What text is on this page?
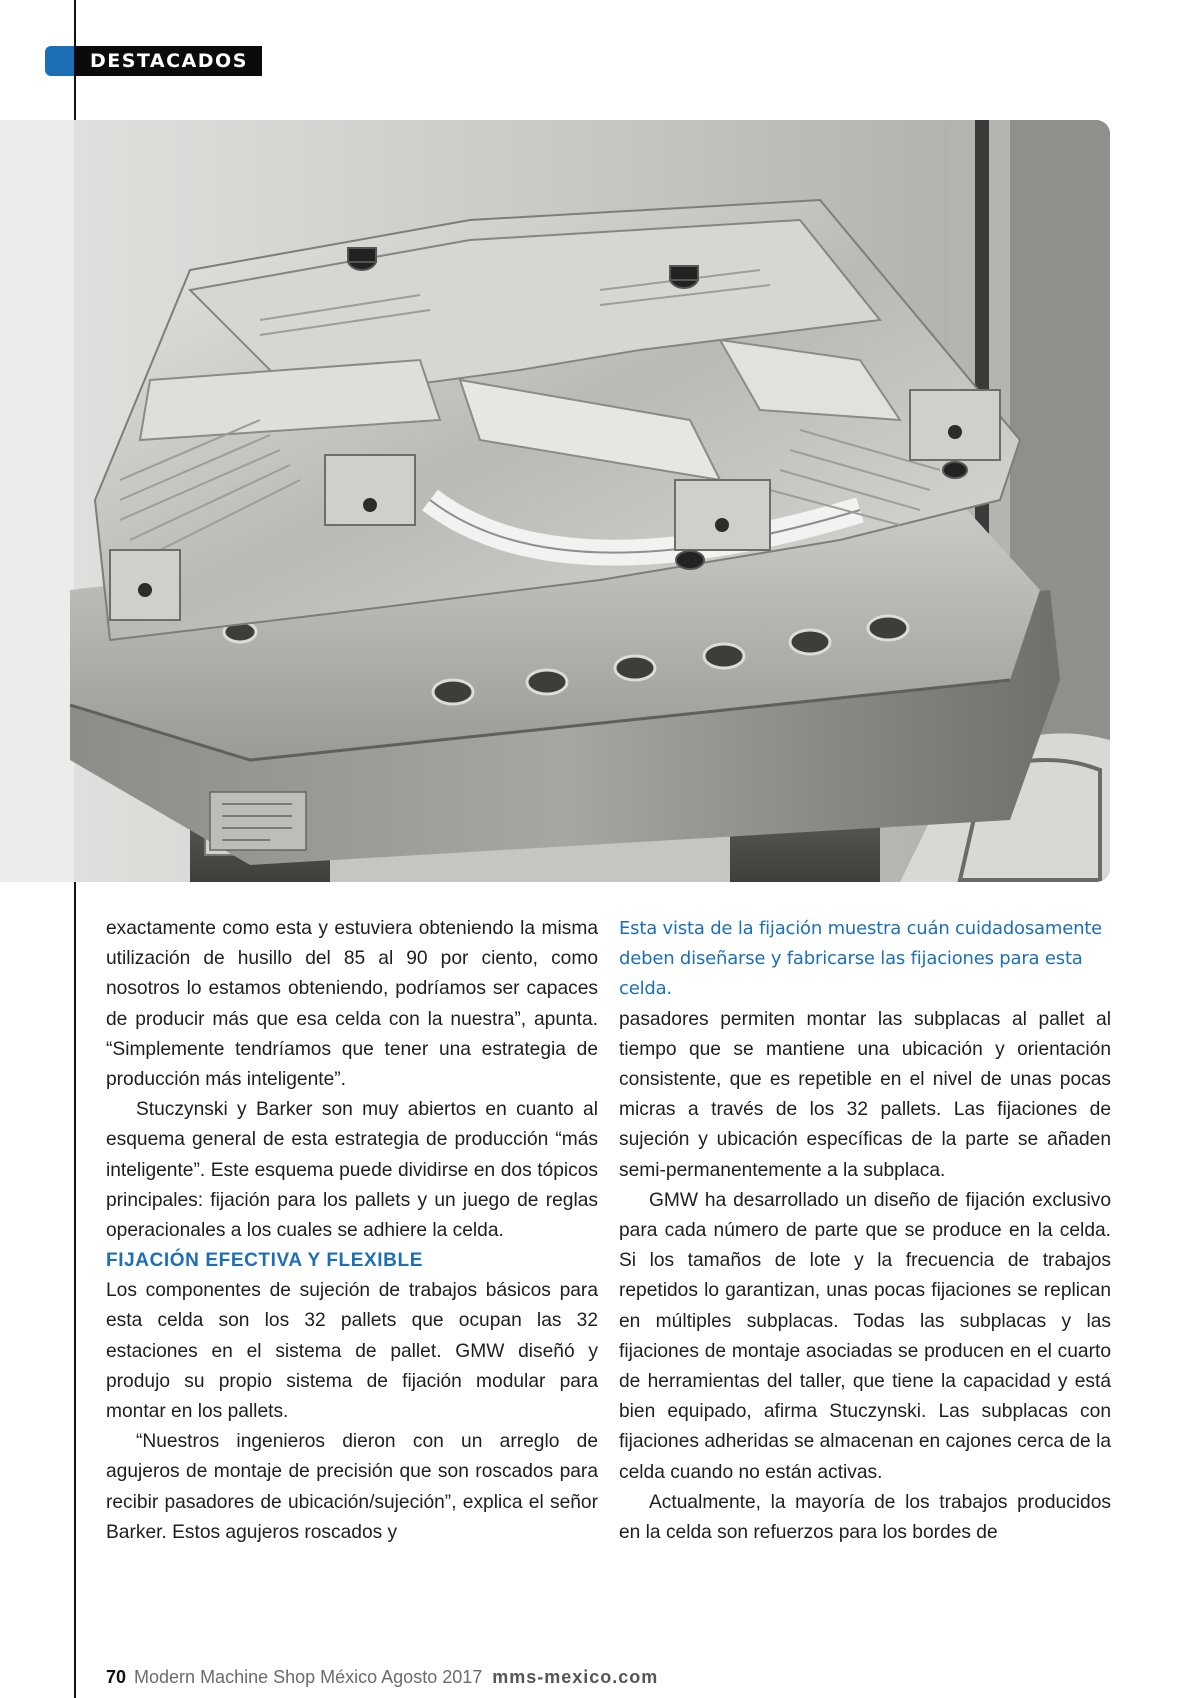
DESTACADOS

exactamente como esta y estuviera obteniendo la misma utilización de husillo del 85 al 90 por ciento, como nosotros lo estamos obteniendo, podríamos ser capaces de producir más que esa celda con la nuestra”, apunta. “Simplemente tendríamos que tener una estrategia de producción más inteligente”.

Stuczynski y Barker son muy abiertos en cuanto al esquema general de esta estrategia de producción “más inteligente”. Este esquema puede dividirse en dos tópicos principales: fijación para los pallets y un juego de reglas operacionales a los cuales se adhiere la celda.

FIJACIÓN EFECTIVA Y FLEXIBLE

Los componentes de sujeción de trabajos básicos para esta celda son los 32 pallets que ocupan las 32 estaciones en el sistema de pallet. GMW diseñó y produjo su propio sistema de fijación modular para montar en los pallets.

“Nuestros ingenieros dieron con un arreglo de agujeros de montaje de precisión que son roscados para recibir pasadores de ubicación/sujeción”, explica el señor Barker. Estos agujeros roscados y

Esta vista de la fijación muestra cuán cuidadosamente deben diseñarse y fabricarse las fijaciones para esta celda.

pasadores permiten montar las subplacas al pallet al tiempo que se mantiene una ubicación y orientación consistente, que es repetible en el nivel de unas pocas micras a través de los 32 pallets. Las fijaciones de sujeción y ubicación específicas de la parte se añaden semi-permanentemente a la subplaca.

GMW ha desarrollado un diseño de fijación exclusivo para cada número de parte que se produce en la celda. Si los tamaños de lote y la frecuencia de trabajos repetidos lo garantizan, unas pocas fijaciones se replican en múltiples subplacas. Todas las subplacas y las fijaciones de montaje asociadas se producen en el cuarto de herramientas del taller, que tiene la capacidad y está bien equipado, afirma Stuczynski. Las subplacas con fijaciones adheridas se almacenan en cajones cerca de la celda cuando no están activas.

Actualmente, la mayoría de los trabajos producidos en la celda son refuerzos para los bordes de

70 Modern Machine Shop México Agosto 2017 mms-mexico.com
